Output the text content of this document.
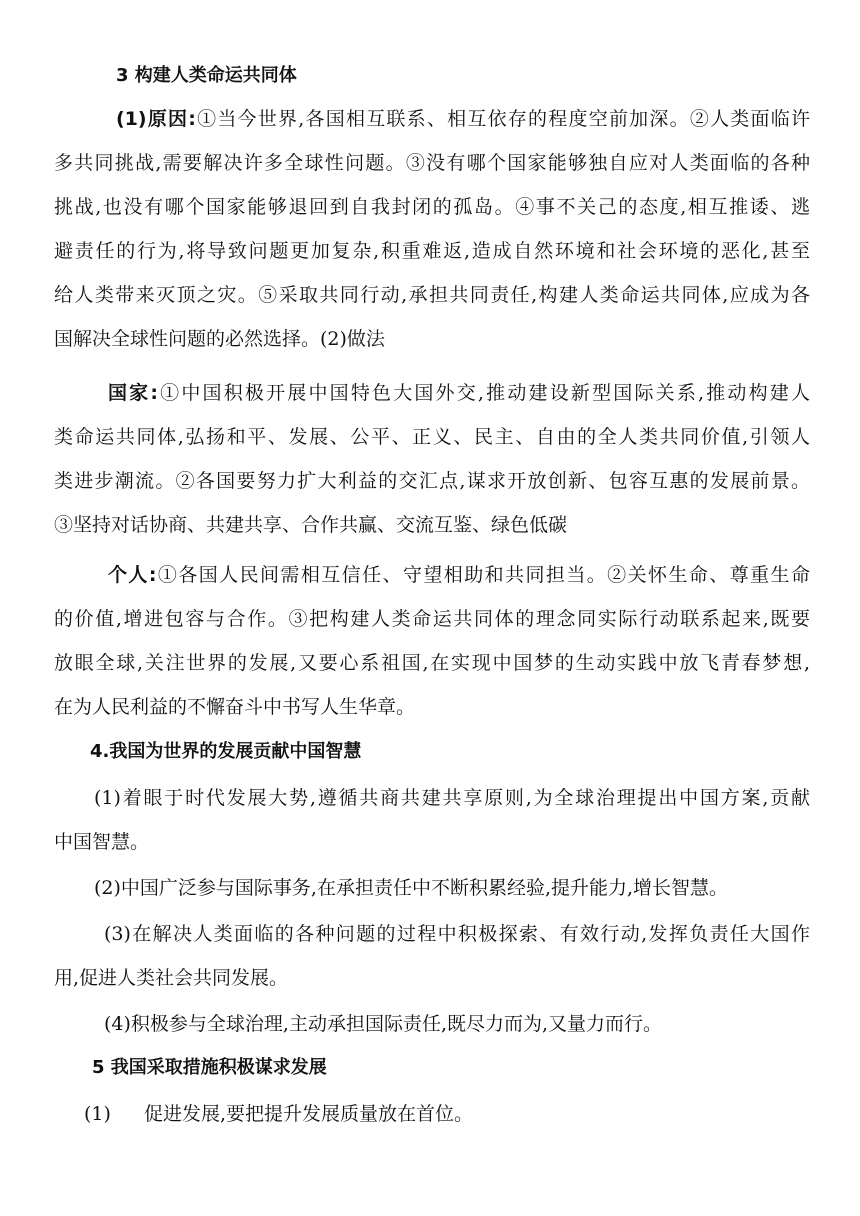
3 构建人类命运共同体
(1)原因:①当今世界,各国相互联系、相互依存的程度空前加深。②人类面临许
多共同挑战,需要解决许多全球性问题。③没有哪个国家能够独自应对人类面临的各种
挑战,也没有哪个国家能够退回到自我封闭的孤岛。④事不关己的态度,相互推诿、逃
避责任的行为,将导致问题更加复杂,积重难返,造成自然环境和社会环境的恶化,甚至
给人类带来灭顶之灾。⑤采取共同行动,承担共同责任,构建人类命运共同体,应成为各
国解决全球性问题的必然选择。(2)做法
国家:①中国积极开展中国特色大国外交,推动建设新型国际关系,推动构建人
类命运共同体,弘扬和平、发展、公平、正义、民主、自由的全人类共同价值,引领人
类进步潮流。②各国要努力扩大利益的交汇点,谋求开放创新、包容互惠的发展前景。
③坚持对话协商、共建共享、合作共赢、交流互鉴、绿色低碳
个人:①各国人民间需相互信任、守望相助和共同担当。②关怀生命、尊重生命
的价值,增进包容与合作。③把构建人类命运共同体的理念同实际行动联系起来,既要
放眼全球,关注世界的发展,又要心系祖国,在实现中国梦的生动实践中放飞青春梦想,
在为人民利益的不懈奋斗中书写人生华章。
4.我国为世界的发展贡献中国智慧
(1)着眼于时代发展大势,遵循共商共建共享原则,为全球治理提出中国方案,贡献
中国智慧。
(2)中国广泛参与国际事务,在承担责任中不断积累经验,提升能力,增长智慧。
(3)在解决人类面临的各种问题的过程中积极探索、有效行动,发挥负责任大国作
用,促进人类社会共同发展。
(4)积极参与全球治理,主动承担国际责任,既尽力而为,又量力而行。
5 我国采取措施积极谋求发展
(1)	促进发展,要把提升发展质量放在首位。
